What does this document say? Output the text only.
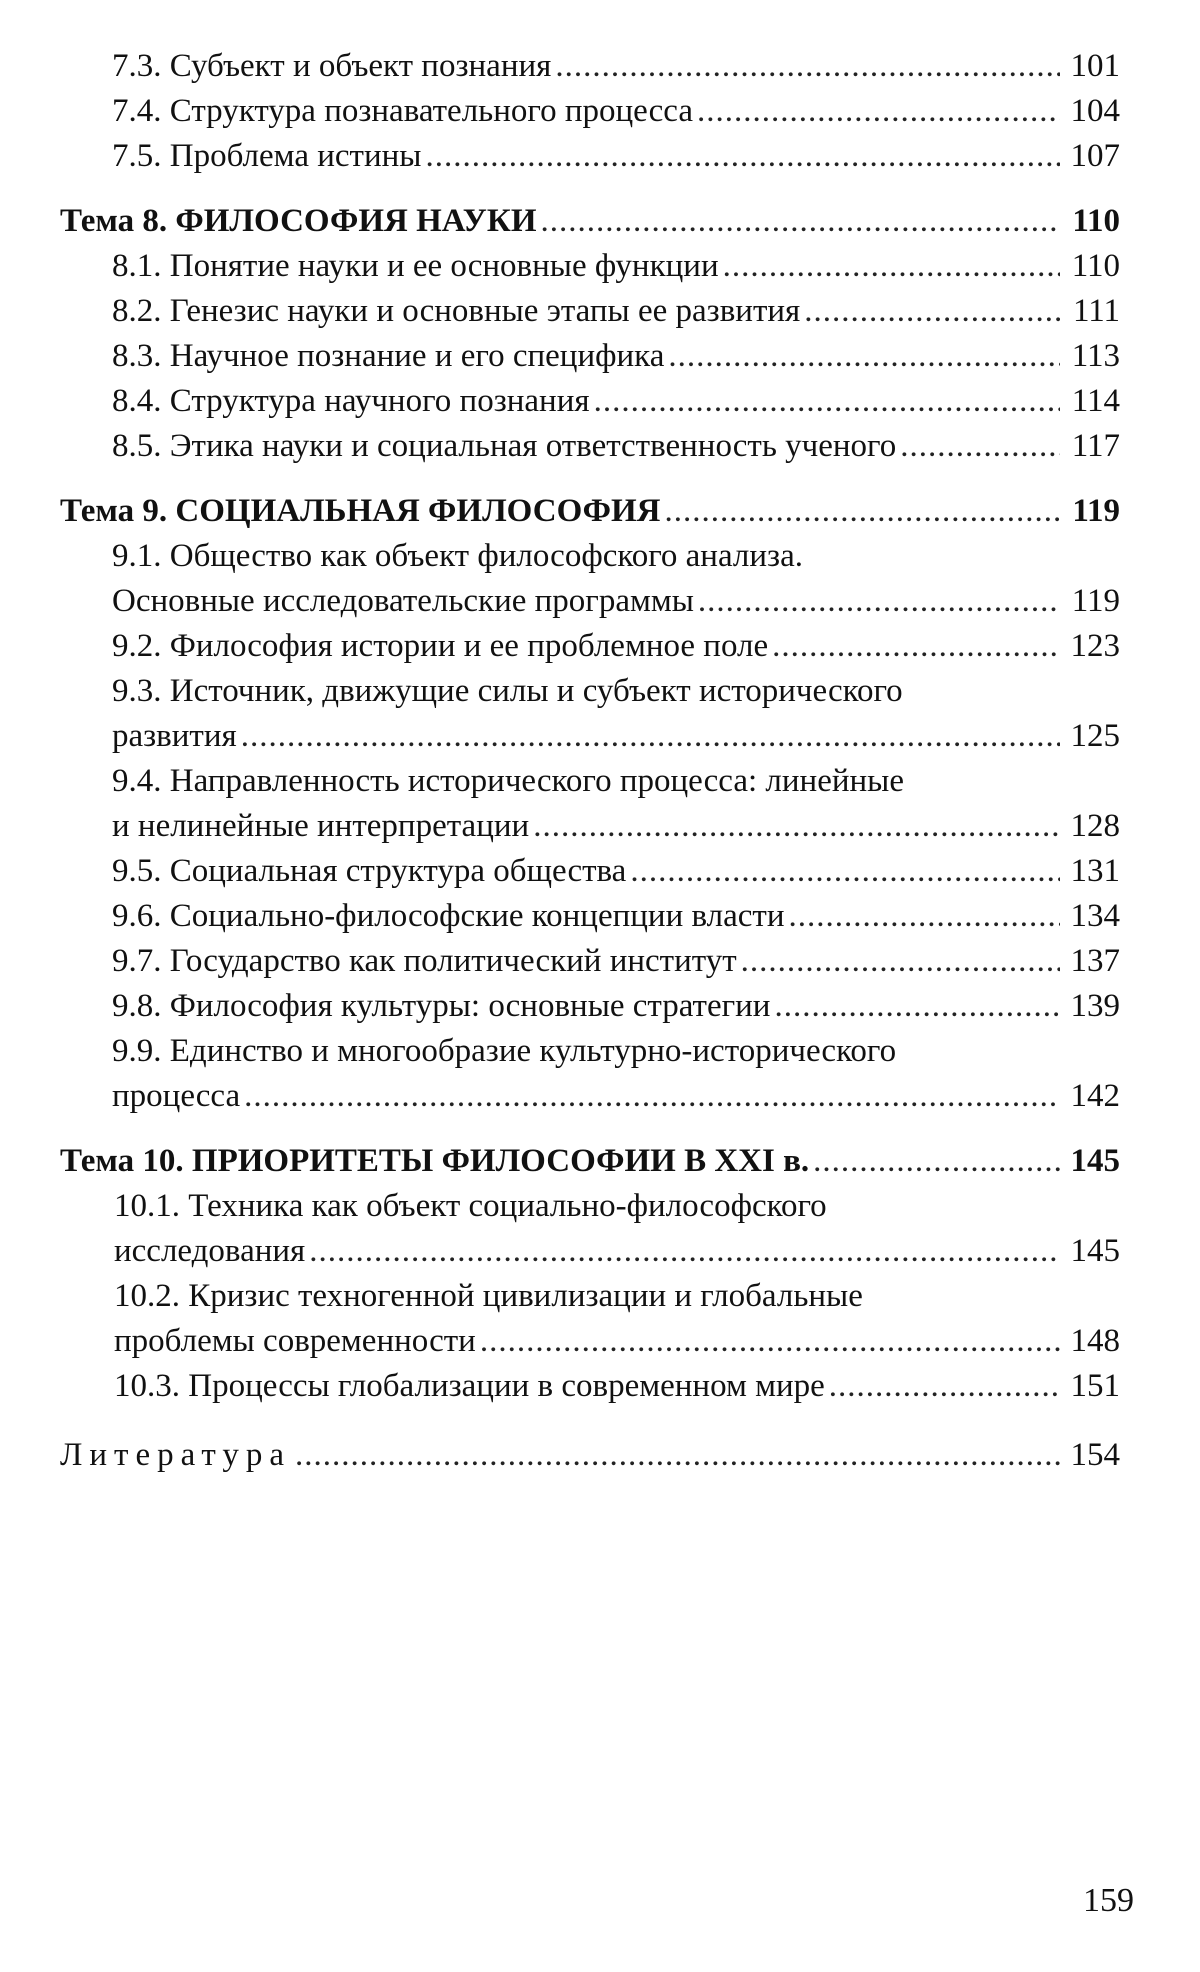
7.3. Субъект и объект познания .....	101
7.4. Структура познавательного процесса .....	104
7.5. Проблема истины .....	107
Тема 8. ФИЛОСОФИЯ НАУКИ .....	110
8.1. Понятие науки и ее основные функции .....	110
8.2. Генезис науки и основные этапы ее развития .....	111
8.3. Научное познание и его специфика .....	113
8.4. Структура научного познания .....	114
8.5. Этика науки и социальная ответственность ученого .....	117
Тема 9. СОЦИАЛЬНАЯ ФИЛОСОФИЯ .....	119
9.1. Общество как объект философского анализа.
Основные исследовательские программы .....	119
9.2. Философия истории и ее проблемное поле .....	123
9.3. Источник, движущие силы и субъект исторического
развития .....	125
9.4. Направленность исторического процесса: линейные
и нелинейные интерпретации .....	128
9.5. Социальная структура общества .....	131
9.6. Социально-философские концепции власти .....	134
9.7. Государство как политический институт .....	137
9.8. Философия культуры: основные стратегии .....	139
9.9. Единство и многообразие культурно-исторического
процесса .....	142
Тема 10. ПРИОРИТЕТЫ ФИЛОСОФИИ В XXI в. .....	145
10.1. Техника как объект социально-философского
исследования .....	145
10.2. Кризис техногенной цивилизации и глобальные
проблемы современности .....	148
10.3. Процессы глобализации в современном мире .....	151
Литература .....	154
159
